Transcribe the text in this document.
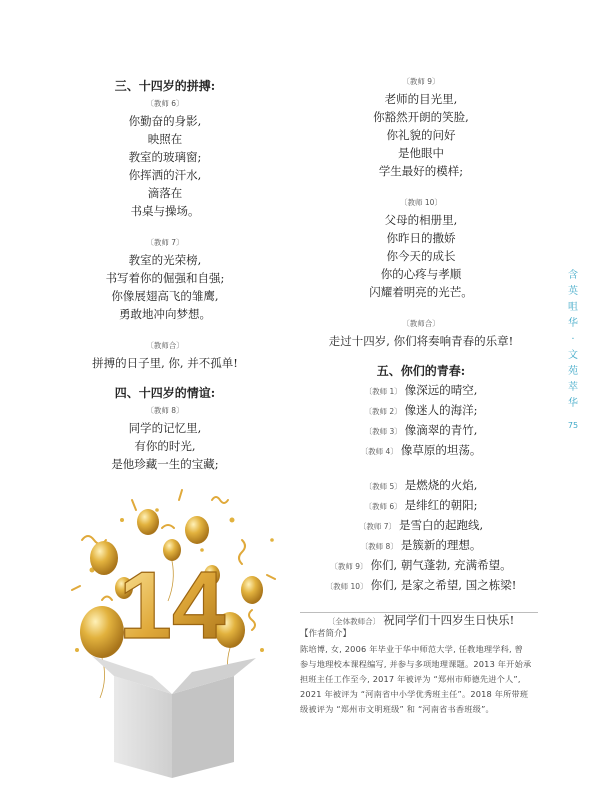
三、十四岁的拼搏:
〔教师 6〕
你勤奋的身影,
映照在
教室的玻璃窗;
你挥洒的汗水,
滴落在
书桌与操场。
〔教师 7〕
教室的光荣榜,
书写着你的倔强和自强;
你像展翅高飞的雏鹰,
勇敢地冲向梦想。
〔教师合〕
拼搏的日子里, 你, 并不孤单!
四、十四岁的情谊:
〔教师 8〕
同学的记忆里,
有你的时光,
是他珍藏一生的宝藏;
〔教师 9〕
老师的目光里,
你豁然开朗的笑脸,
你礼貌的问好
是他眼中
学生最好的模样;
〔教师 10〕
父母的相册里,
你昨日的撒娇
你今天的成长
你的心疼与孝顺
闪耀着明亮的光芒。
〔教师合〕
走过十四岁, 你们将奏响青春的乐章!
五、你们的青春:
〔教师 1〕 像深远的晴空,
〔教师 2〕 像迷人的海洋;
〔教师 3〕 像滴翠的青竹,
〔教师 4〕 像草原的坦荡。
〔教师 5〕 是燃烧的火焰,
〔教师 6〕 是绯红的朝阳;
〔教师 7〕 是雪白的起跑线,
〔教师 8〕 是簇新的理想。
〔教师 9〕 你们, 朝气蓬勃, 充满希望。
〔教师 10〕 你们, 是家之希望, 国之栋梁!
〔全体教师合〕 祝同学们十四岁生日快乐!
含
英
咀
华
·
文
苑
萃
华
75
14	【作者简介】
陈培博, 女, 2006 年毕业于华中师范大学, 任教地理学科, 曾
参与地理校本课程编写, 并参与多项地理课题。2013 年开始承
担班主任工作至今, 2017 年被评为 “郑州市师德先进个人”,
2021 年被评为 “河南省中小学优秀班主任”。2018 年所带班
级被评为 “郑州市文明班级” 和 “河南省书香班级”。
